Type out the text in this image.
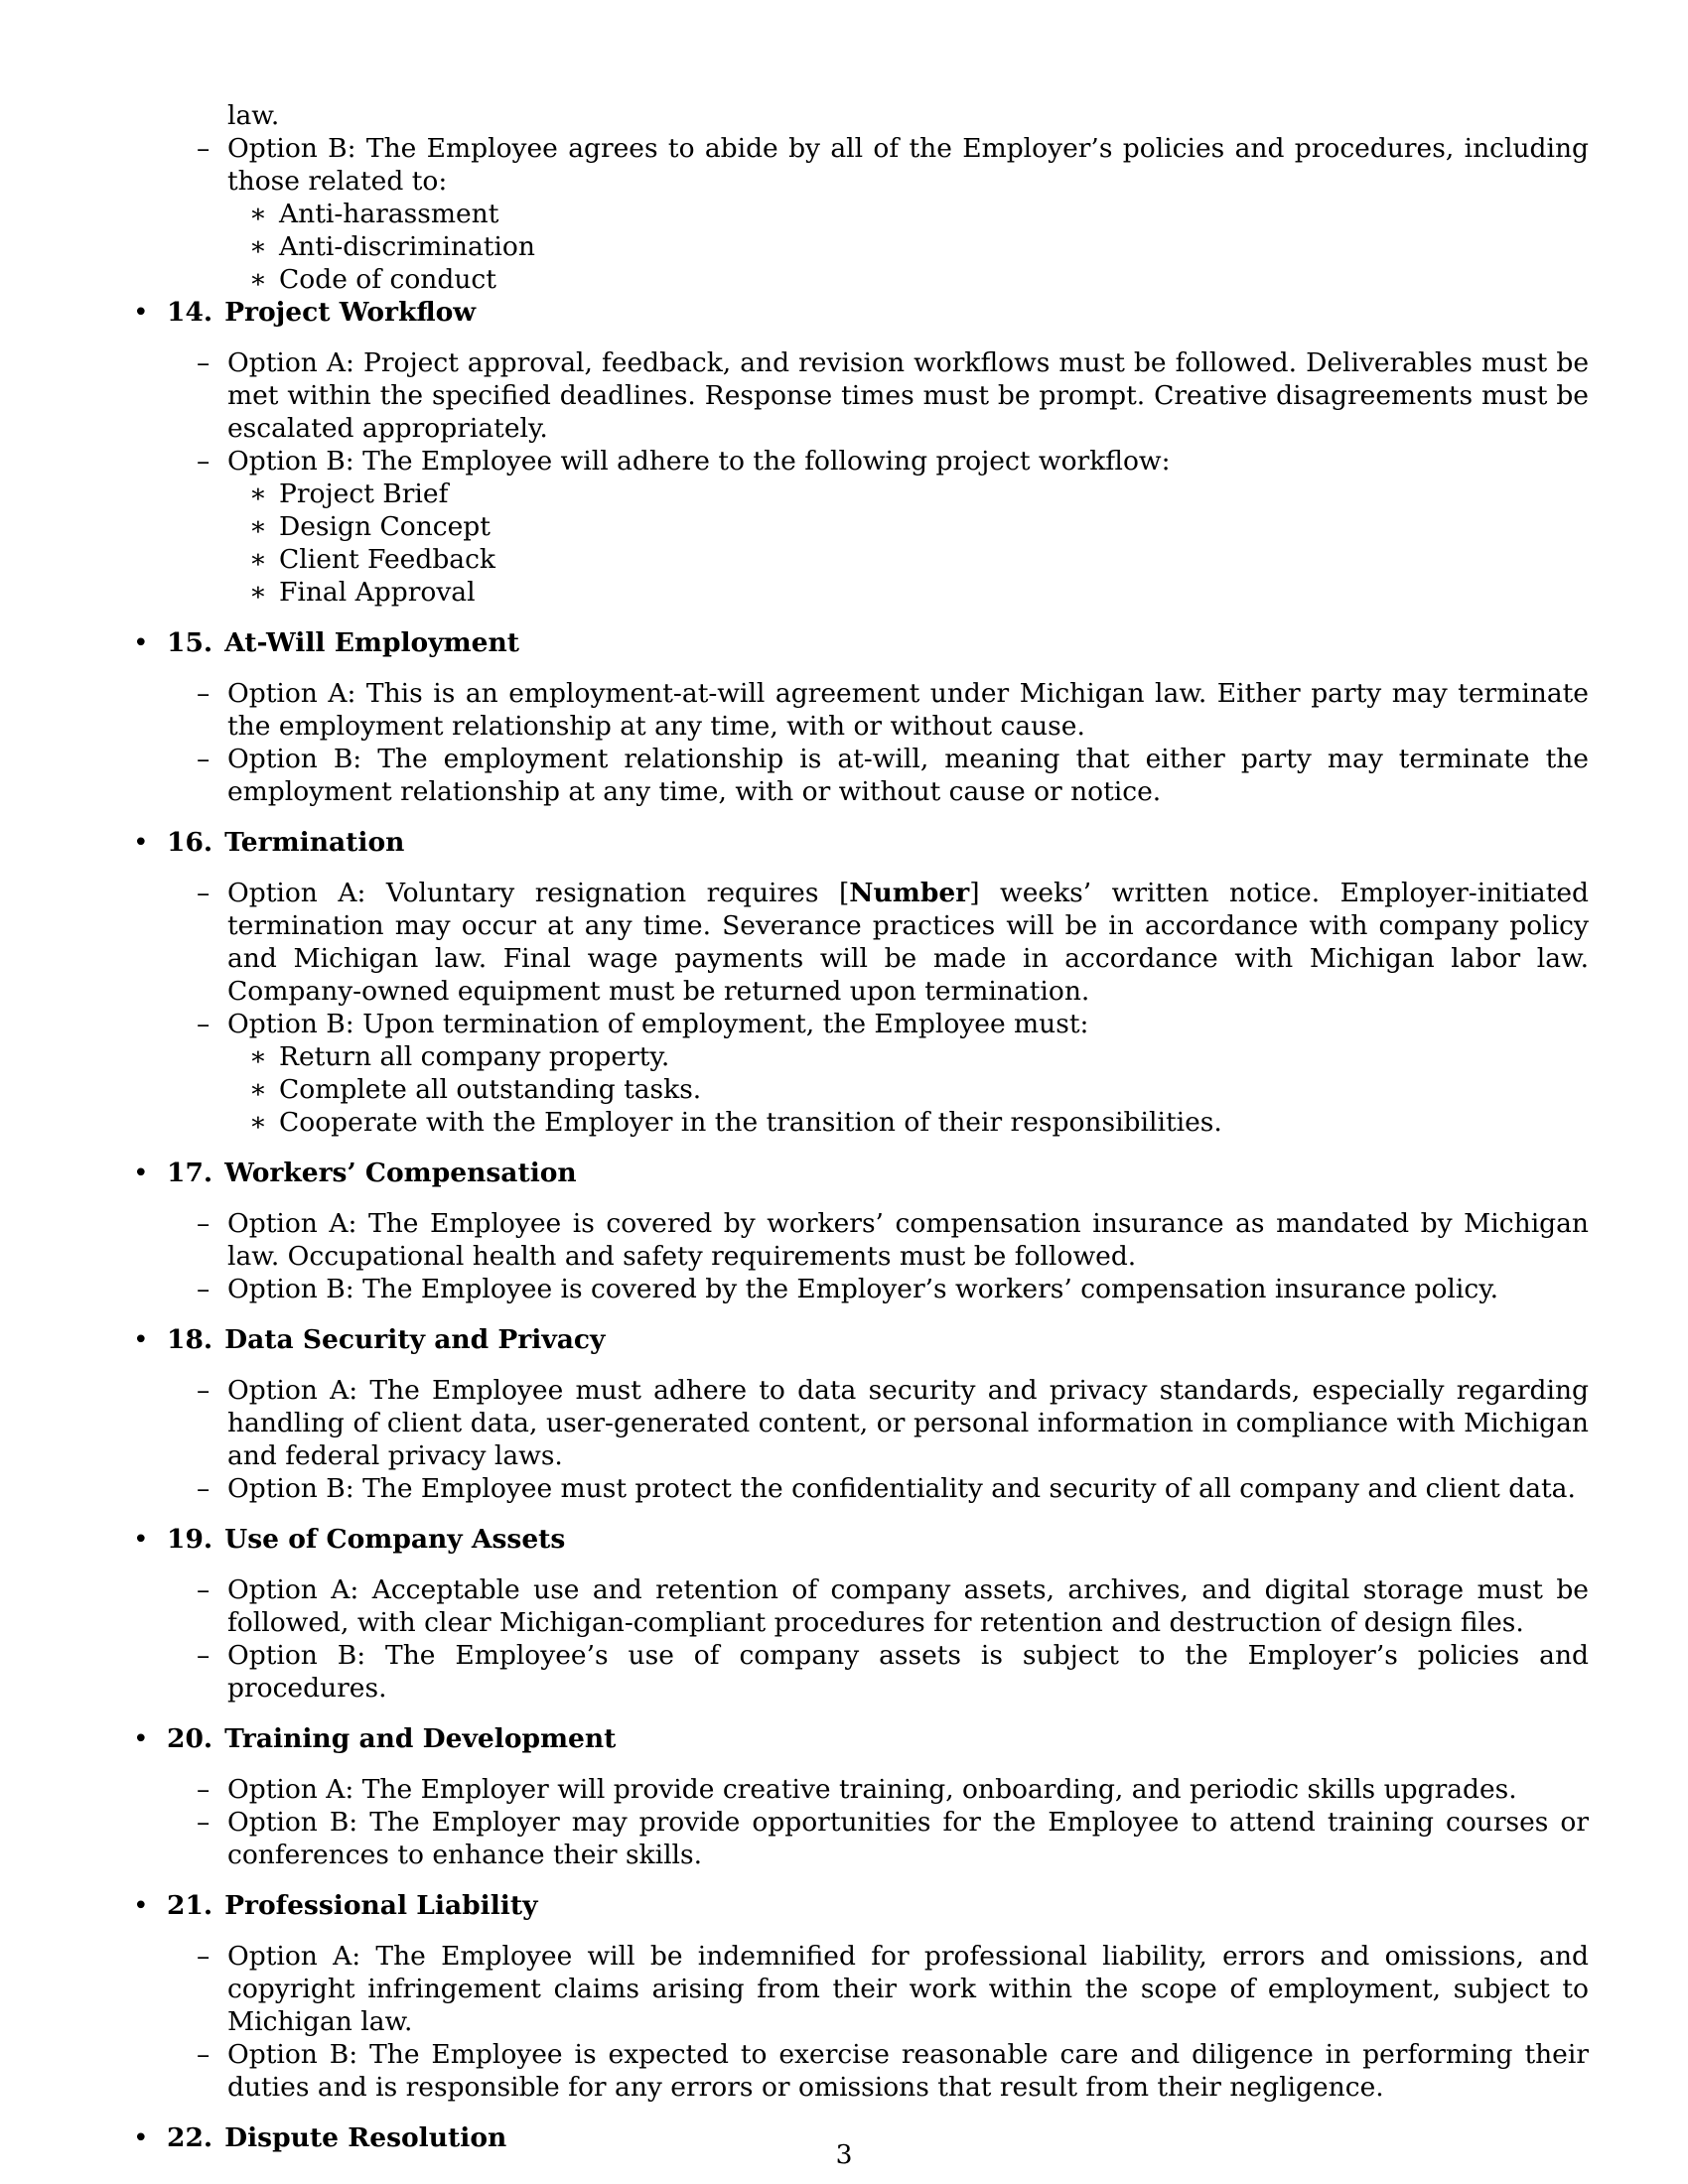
law.
– Option B: The Employee agrees to abide by all of the Employer’s policies and procedures, including those related to:
∗ Anti-harassment
∗ Anti-discrimination
∗ Code of conduct
• 14. Project Workflow
– Option A: Project approval, feedback, and revision workflows must be followed. Deliverables must be met within the specified deadlines. Response times must be prompt. Creative disagreements must be escalated appropriately.
– Option B: The Employee will adhere to the following project workflow:
∗ Project Brief
∗ Design Concept
∗ Client Feedback
∗ Final Approval
• 15. At-Will Employment
– Option A: This is an employment-at-will agreement under Michigan law. Either party may terminate the employment relationship at any time, with or without cause.
– Option B: The employment relationship is at-will, meaning that either party may terminate the employment relationship at any time, with or without cause or notice.
• 16. Termination
– Option A: Voluntary resignation requires [Number] weeks’ written notice. Employer-initiated termination may occur at any time. Severance practices will be in accordance with company policy and Michigan law. Final wage payments will be made in accordance with Michigan labor law. Company-owned equipment must be returned upon termination.
– Option B: Upon termination of employment, the Employee must:
∗ Return all company property.
∗ Complete all outstanding tasks.
∗ Cooperate with the Employer in the transition of their responsibilities.
• 17. Workers’ Compensation
– Option A: The Employee is covered by workers’ compensation insurance as mandated by Michigan law. Occupational health and safety requirements must be followed.
– Option B: The Employee is covered by the Employer’s workers’ compensation insurance policy.
• 18. Data Security and Privacy
– Option A: The Employee must adhere to data security and privacy standards, especially regarding handling of client data, user-generated content, or personal information in compliance with Michigan and federal privacy laws.
– Option B: The Employee must protect the confidentiality and security of all company and client data.
• 19. Use of Company Assets
– Option A: Acceptable use and retention of company assets, archives, and digital storage must be followed, with clear Michigan-compliant procedures for retention and destruction of design files.
– Option B: The Employee’s use of company assets is subject to the Employer’s policies and procedures.
• 20. Training and Development
– Option A: The Employer will provide creative training, onboarding, and periodic skills upgrades.
– Option B: The Employer may provide opportunities for the Employee to attend training courses or conferences to enhance their skills.
• 21. Professional Liability
– Option A: The Employee will be indemnified for professional liability, errors and omissions, and copyright infringement claims arising from their work within the scope of employment, subject to Michigan law.
– Option B: The Employee is expected to exercise reasonable care and diligence in performing their duties and is responsible for any errors or omissions that result from their negligence.
• 22. Dispute Resolution
3
